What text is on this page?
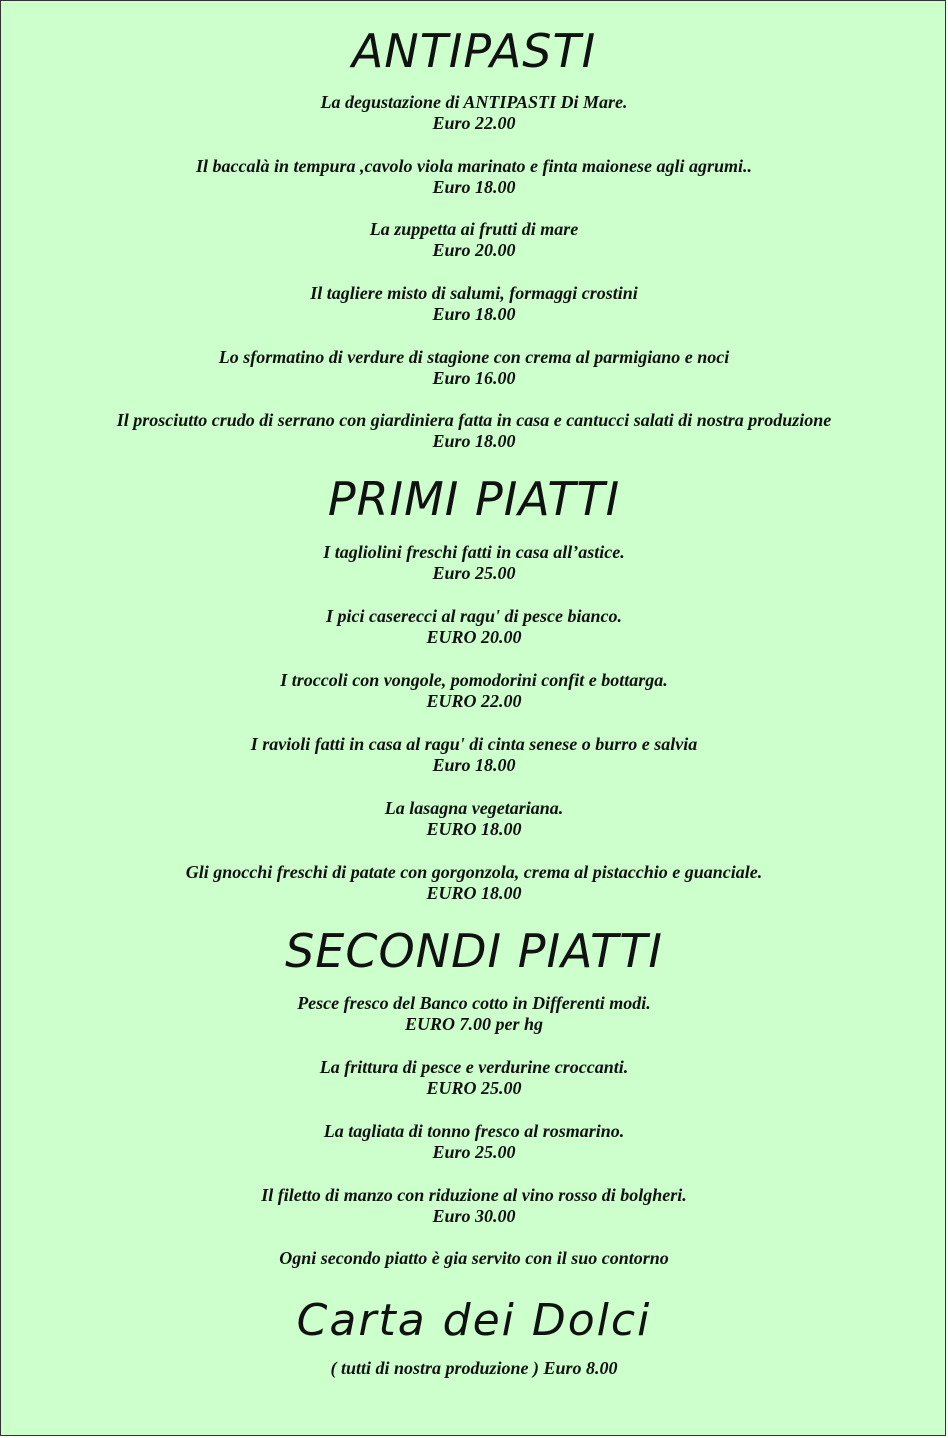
ANTIPASTI
La degustazione di ANTIPASTI Di Mare.
Euro 22.00
Il baccalà in tempura ,cavolo viola marinato e finta maionese agli agrumi..
Euro 18.00
La zuppetta ai frutti di mare
Euro 20.00
Il tagliere misto di salumi, formaggi crostini
Euro 18.00
Lo sformatino di verdure di stagione con crema al parmigiano e noci
Euro 16.00
Il prosciutto crudo di serrano con giardiniera fatta in casa e cantucci salati di nostra produzione
Euro 18.00
PRIMI PIATTI
I tagliolini freschi fatti in casa all’astice.
Euro 25.00
I pici caserecci al ragu' di pesce bianco.
EURO 20.00
I troccoli con vongole, pomodorini confit e bottarga.
EURO 22.00
I ravioli fatti in casa al ragu' di cinta senese o burro e salvia
Euro 18.00
La lasagna vegetariana.
EURO 18.00
Gli gnocchi freschi di patate con gorgonzola, crema al pistacchio e guanciale.
EURO 18.00
SECONDI PIATTI
Pesce fresco del Banco cotto in Differenti modi.
EURO 7.00 per hg
La frittura di pesce e verdurine croccanti.
EURO 25.00
La tagliata di tonno fresco al rosmarino.
Euro 25.00
Il filetto di manzo con riduzione al vino rosso di bolgheri.
Euro 30.00
Ogni secondo piatto è gia servito con il suo contorno
Carta dei Dolci
( tutti di nostra produzione ) Euro 8.00
